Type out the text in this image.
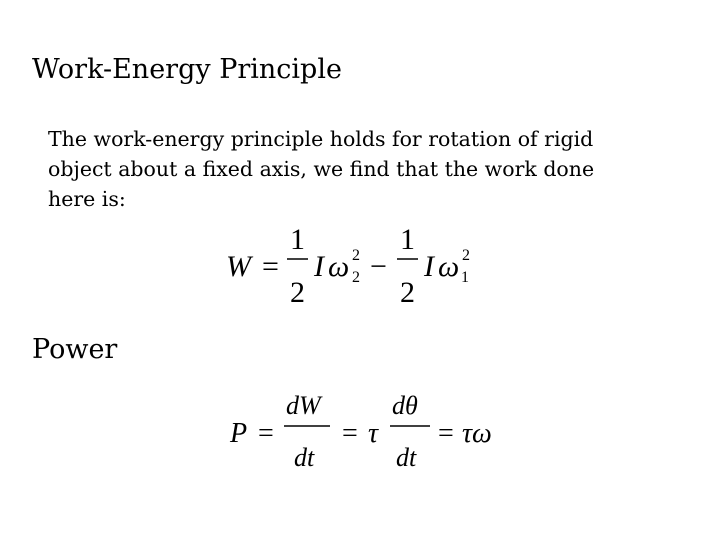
Work-Energy Principle
The work-energy principle holds for rotation of rigid
object about a fixed axis, we find that the work done
here is:
W =
1
2
I ω 2
2 −
1
2
I ω 2
1
Power
P =
dW
dt
= τ
dθ
dt
= τω
